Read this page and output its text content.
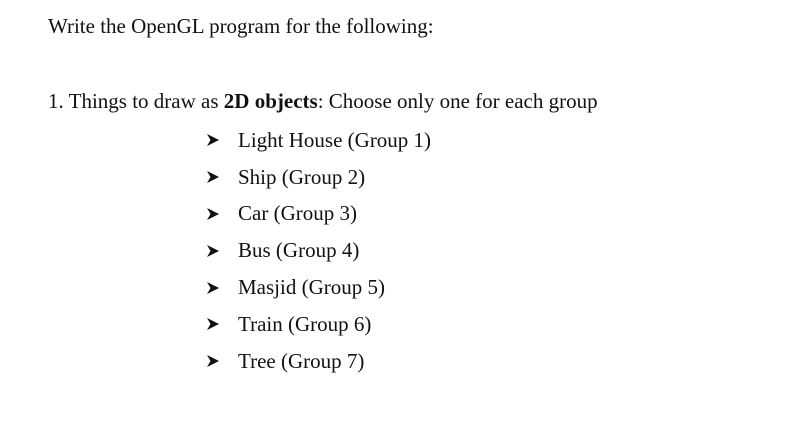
Write the OpenGL program for the following:
1. Things to draw as 2D objects: Choose only one for each group
Light House (Group 1)
Ship (Group 2)
Car (Group 3)
Bus (Group 4)
Masjid (Group 5)
Train (Group 6)
Tree (Group 7)
